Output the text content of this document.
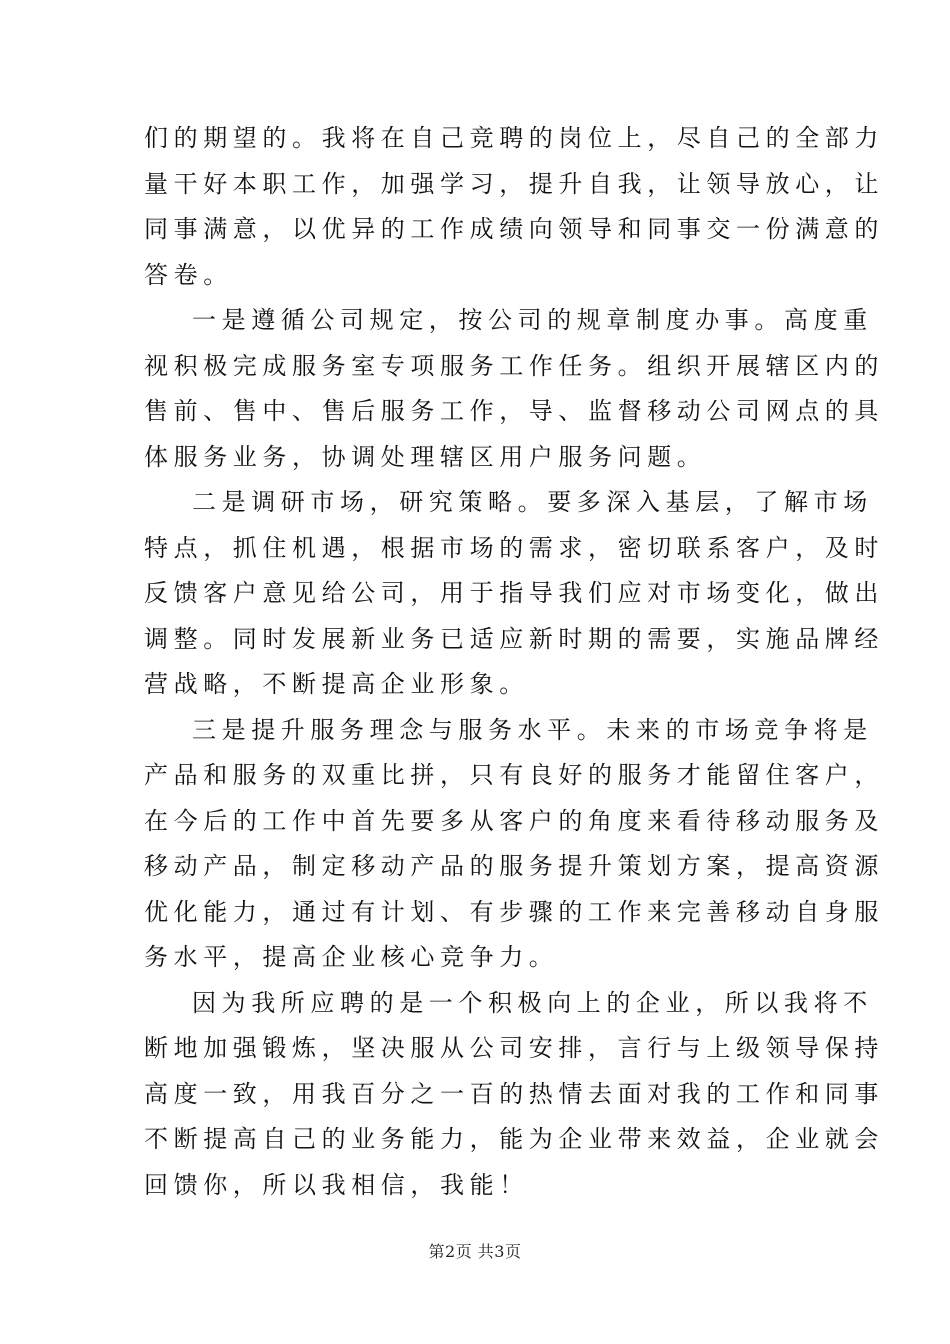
们的期望的。我将在自己竞聘的岗位上，尽自己的全部力
量干好本职工作，加强学习，提升自我，让领导放心，让
同事满意，以优异的工作成绩向领导和同事交一份满意的
答卷。
一是遵循公司规定，按公司的规章制度办事。高度重
视积极完成服务室专项服务工作任务。组织开展辖区内的
售前、售中、售后服务工作，导、监督移动公司网点的具
体服务业务，协调处理辖区用户服务问题。
二是调研市场，研究策略。要多深入基层，了解市场
特点，抓住机遇，根据市场的需求，密切联系客户，及时
反馈客户意见给公司，用于指导我们应对市场变化，做出
调整。同时发展新业务已适应新时期的需要，实施品牌经
营战略，不断提高企业形象。
三是提升服务理念与服务水平。未来的市场竞争将是
产品和服务的双重比拼，只有良好的服务才能留住客户，
在今后的工作中首先要多从客户的角度来看待移动服务及
移动产品，制定移动产品的服务提升策划方案，提高资源
优化能力，通过有计划、有步骤的工作来完善移动自身服
务水平，提高企业核心竞争力。
因为我所应聘的是一个积极向上的企业，所以我将不
断地加强锻炼，坚决服从公司安排，言行与上级领导保持
高度一致，用我百分之一百的热情去面对我的工作和同事
不断提高自己的业务能力，能为企业带来效益，企业就会
回馈你，所以我相信，我能！
第2页 共3页
